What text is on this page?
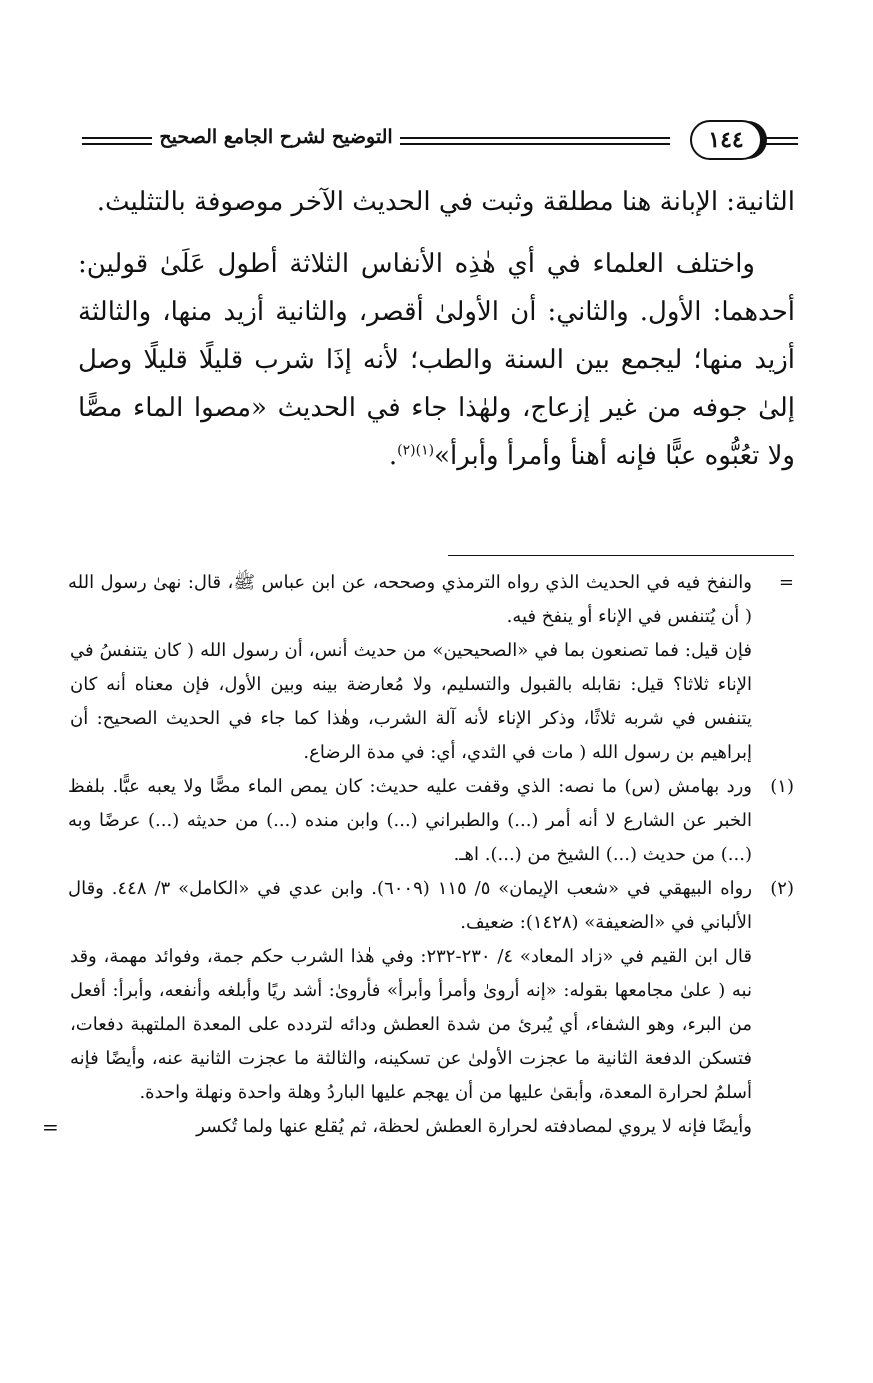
التوضيح لشرح الجامع الصحيح	١٤٤

الثانية: الإبانة هنا مطلقة وثبت في الحديث الآخر موصوفة بالتثليث.

واختلف العلماء في أي هٰذِه الأنفاس الثلاثة أطول عَلَىٰ قولين: أحدهما: الأول. والثاني: أن الأولىٰ أقصر، والثانية أزيد منها، والثالثة أزيد منها؛ ليجمع بين السنة والطب؛ لأنه إذَا شرب قليلًا قليلًا وصل إلىٰ جوفه من غير إزعاج، ولهٰذا جاء في الحديث «مصوا الماء مصًّا ولا تعُبُّوه عبًّا فإنه أهنأ وأمرأ وأبرأ»$^{(١)(٢)}$.

=
والنفخ فيه في الحديث الذي رواه الترمذي وصححه، عن ابن عباس ﷺ، قال: نهىٰ رسول الله ( أن يُتنفس في الإناء أو ينفخ فيه.
فإن قيل: فما تصنعون بما في «الصحيحين» من حديث أنس، أن رسول الله ( كان يتنفسُ في الإناء ثلاثا؟ قيل: نقابله بالقبول والتسليم، ولا مُعارضة بينه وبين الأول، فإن معناه أنه كان يتنفس في شربه ثلاثًا، وذكر الإناء لأنه آلة الشرب، وهٰذا كما جاء في الحديث الصحيح: أن إبراهيم بن رسول الله ( مات في الثدي، أي: في مدة الرضاع.
(١)
ورد بهامش (س) ما نصه: الذي وقفت عليه حديث: كان يمص الماء مصًّا ولا يعبه عبًّا. بلفظ الخبر عن الشارع لا أنه أمر (...) والطبراني (...) وابن منده (...) من حديثه (...) عرضًا وبه (...) من حديث (...) الشيخ من (...). اهـ.
(٢)
رواه البيهقي في «شعب الإيمان» ٥/ ١١٥ (٦٠٠٩). وابن عدي في «الكامل» ٣/ ٤٤٨. وقال الألباني في «الضعيفة» (١٤٢٨): ضعيف.
قال ابن القيم في «زاد المعاد» ٤/ ٢٣٠-٢٣٢: وفي هٰذا الشرب حكم جمة، وفوائد مهمة، وقد نبه ( علىٰ مجامعها بقوله: «إنه أروىٰ وأمرأ وأبرأ» فأروىٰ: أشد ريًا وأبلغه وأنفعه، وأبرأ: أفعل من البرء، وهو الشفاء، أي يُبرئ من شدة العطش ودائه لتردده على المعدة الملتهبة دفعات، فتسكن الدفعة الثانية ما عجزت الأولىٰ عن تسكينه، والثالثة ما عجزت الثانية عنه، وأيضًا فإنه أسلمُ لحرارة المعدة، وأبقىٰ عليها من أن يهجم عليها الباردُ وهلة واحدة ونهلة واحدة.
وأيضًا فإنه لا يروي لمصادفته لحرارة العطش لحظة، ثم يُقلع عنها ولما تُكسر
=
